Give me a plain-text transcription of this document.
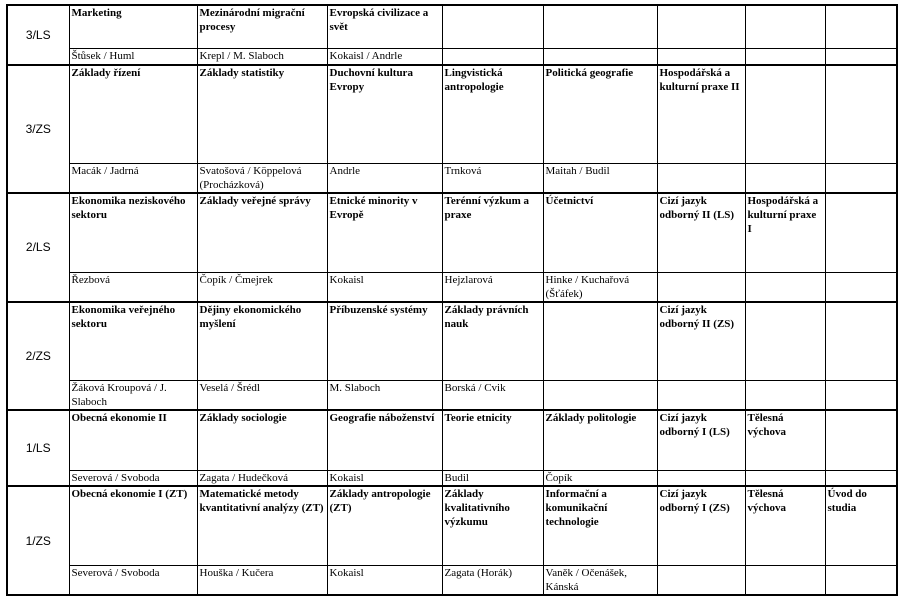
3/LS	Marketing	Mezinárodní migrační procesy	Evropská civilizace a svět					

	Štůsek / Huml	Krepl / M. Slaboch	Kokaisl / Andrle					

3/ZS	Základy řízení	Základy statistiky	Duchovní kultura Evropy	Lingvistická antropologie	Politická geografie	Hospodářská a kulturní praxe II		

	Macák / Jadrná	Svatošová / Köppelová (Procházková)	Andrle	Trnková	Maitah / Budil			

2/LS	Ekonomika neziskového sektoru	Základy veřejné správy	Etnické minority v Evropě	Terénní výzkum a praxe	Účetnictví	Cizí jazyk odborný II (LS)	Hospodářská a kulturní praxe I	

	Řezbová	Čopík / Čmejrek	Kokaisl	Hejzlarová	Hinke / Kuchařová (Šťáfek)			

2/ZS	Ekonomika veřejného sektoru	Dějiny ekonomického myšlení	Příbuzenské systémy	Základy právních nauk		Cizí jazyk odborný II (ZS)		

	Žáková Kroupová / J. Slaboch	Veselá / Šrédl	M. Slaboch	Borská / Cvik				

1/LS	Obecná ekonomie II	Základy sociologie	Geografie náboženství	Teorie etnicity	Základy politologie	Cizí jazyk odborný I (LS)	Tělesná výchova	

	Severová / Svoboda	Zagata / Hudečková	Kokaisl	Budil	Čopík			

1/ZS	Obecná ekonomie I (ZT)	Matematické metody kvantitativní analýzy (ZT)	Základy antropologie (ZT)	Základy kvalitativního výzkumu	Informační a komunikační technologie	Cizí jazyk odborný I (ZS)	Tělesná výchova	Úvod do studia

	Severová / Svoboda	Houška / Kučera	Kokaisl	Zagata (Horák)	Vaněk / Očenášek, Kánská			
